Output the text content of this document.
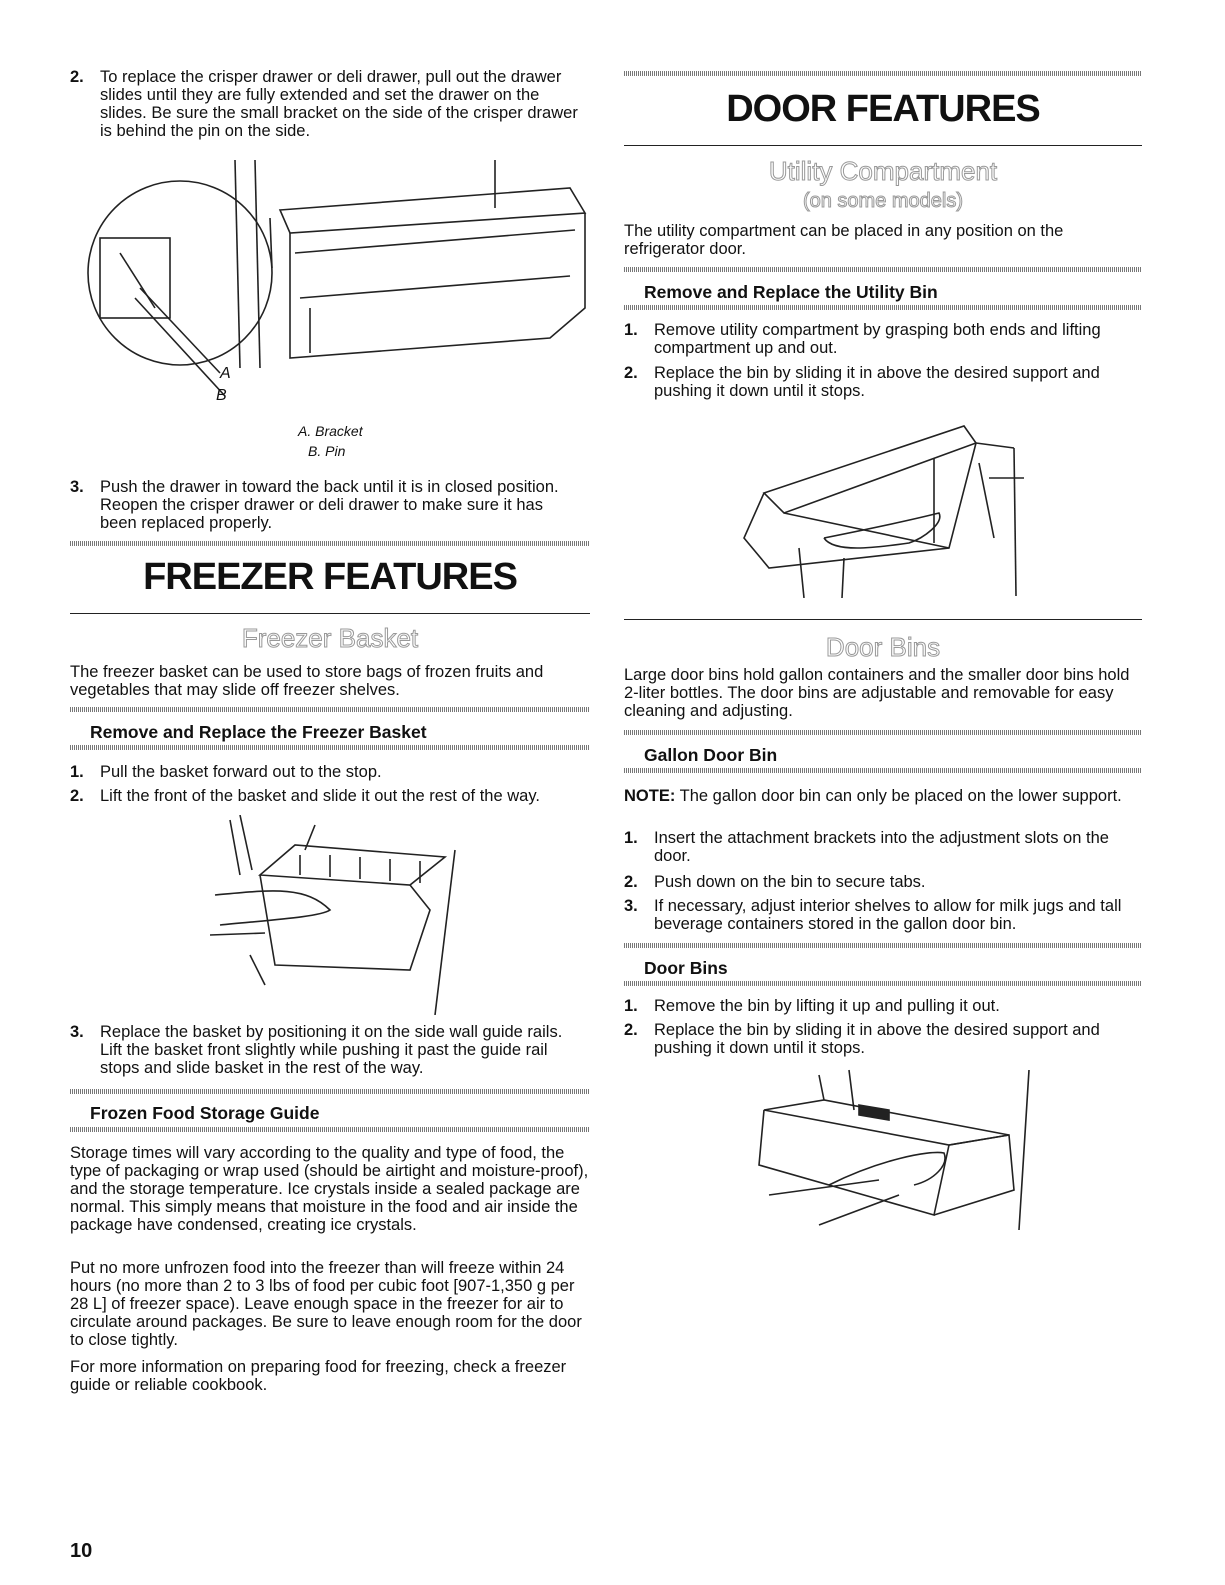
2. To replace the crisper drawer or deli drawer, pull out the drawer slides until they are fully extended and set the drawer on the slides. Be sure the small bracket on the side of the crisper drawer is behind the pin on the side.
A
B
A. Bracket
B. Pin
3. Push the drawer in toward the back until it is in closed position. Reopen the crisper drawer or deli drawer to make sure it has been replaced properly.
FREEZER FEATURES
Freezer Basket

The freezer basket can be used to store bags of frozen fruits and vegetables that may slide off freezer shelves.

Remove and Replace the Freezer Basket
1. Pull the basket forward out to the stop.
2. Lift the front of the basket and slide it out the rest of the way.
3. Replace the basket by positioning it on the side wall guide rails. Lift the basket front slightly while pushing it past the guide rail stops and slide basket in the rest of the way.
Frozen Food Storage Guide

Storage times will vary according to the quality and type of food, the type of packaging or wrap used (should be airtight and moisture-proof), and the storage temperature. Ice crystals inside a sealed package are normal. This simply means that moisture in the food and air inside the package have condensed, creating ice crystals.

Put no more unfrozen food into the freezer than will freeze within 24 hours (no more than 2 to 3 lbs of food per cubic foot [907-1,350 g per 28 L] of freezer space). Leave enough space in the freezer for air to circulate around packages. Be sure to leave enough room for the door to close tightly.

For more information on preparing food for freezing, check a freezer guide or reliable cookbook.

DOOR FEATURES
Utility Compartment
(on some models)

The utility compartment can be placed in any position on the refrigerator door.

Remove and Replace the Utility Bin
1. Remove utility compartment by grasping both ends and lifting compartment up and out.
2. Replace the bin by sliding it in above the desired support and pushing it down until it stops.
Door Bins

Large door bins hold gallon containers and the smaller door bins hold 2-liter bottles. The door bins are adjustable and removable for easy cleaning and adjusting.

Gallon Door Bin

NOTE: The gallon door bin can only be placed on the lower support.

1. Insert the attachment brackets into the adjustment slots on the door.
2. Push down on the bin to secure tabs.
3. If necessary, adjust interior shelves to allow for milk jugs and tall beverage containers stored in the gallon door bin.
Door Bins
1. Remove the bin by lifting it up and pulling it out.
2. Replace the bin by sliding it in above the desired support and pushing it down until it stops.
10
